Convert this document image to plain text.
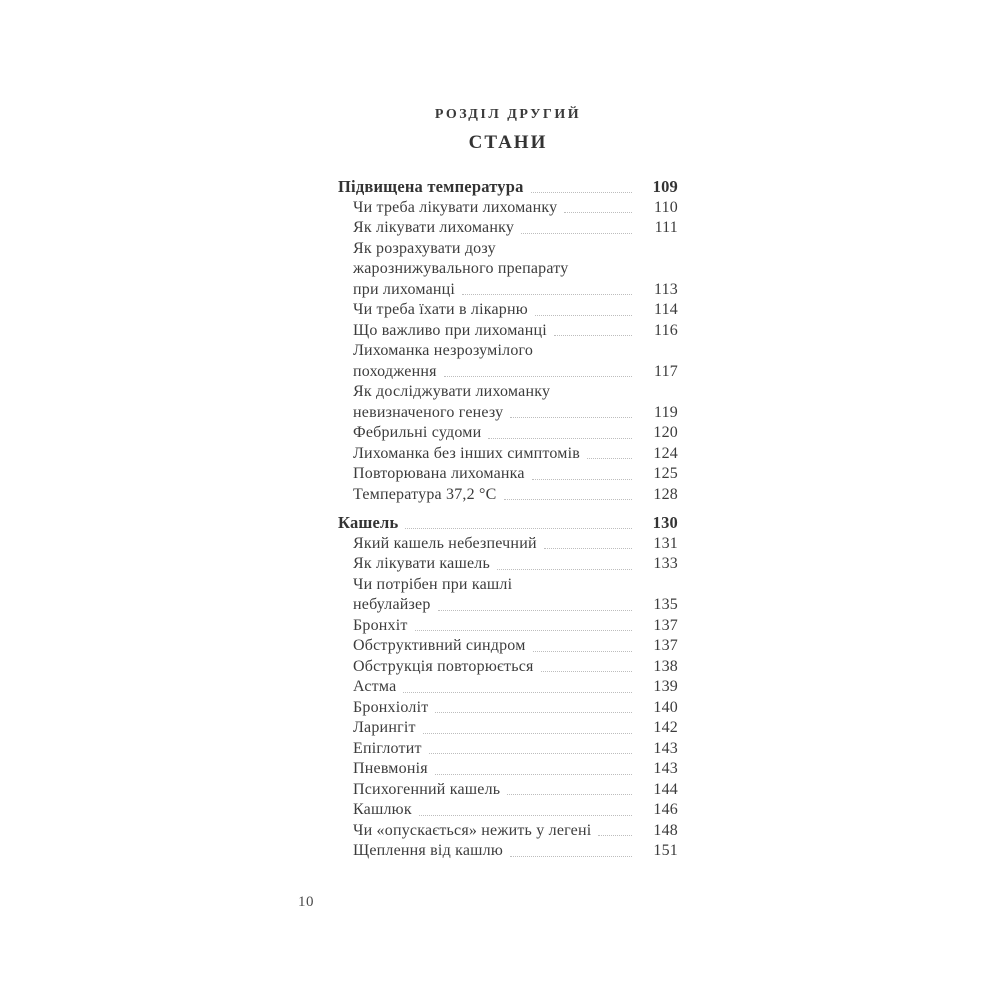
РОЗДІЛ ДРУГИЙ
СТАНИ
Підвищена температура	109
Чи треба лікувати лихоманку	110
Як лікувати лихоманку	111
Як розрахувати дозу
жарознижувального препарату
при лихоманці	113
Чи треба їхати в лікарню	114
Що важливо при лихоманці	116
Лихоманка незрозумілого
походження	117
Як досліджувати лихоманку
невизначеного генезу	119
Фебрильні судоми	120
Лихоманка без інших симптомів	124
Повторювана лихоманка	125
Температура 37,2 °С	128
Кашель	130
Який кашель небезпечний	131
Як лікувати кашель	133
Чи потрібен при кашлі
небулайзер	135
Бронхіт	137
Обструктивний синдром	137
Обструкція повторюється	138
Астма	139
Бронхіоліт	140
Ларингіт	142
Епіглотит	143
Пневмонія	143
Психогенний кашель	144
Кашлюк	146
Чи «опускається» нежить у легені	148
Щеплення від кашлю	151
10
